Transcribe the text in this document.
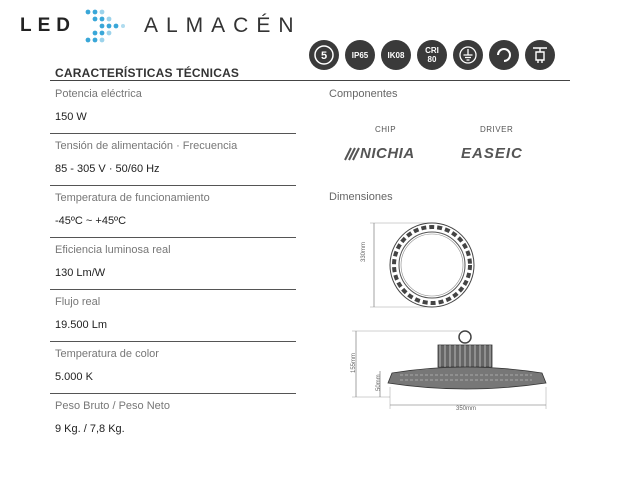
LED	ALMACÉN
5	IP65	IK08	CRI
80
CARACTERÍSTICAS TÉCNICAS
Potencia eléctrica
150 W
Tensión de alimentación · Frecuencia
85 - 305 V · 50/60 Hz
Temperatura de funcionamiento
-45ºC ~ +45ºC
Eficiencia luminosa real
130 Lm/W
Flujo real
19.500 Lm
Temperatura de color
5.000 K
Peso Bruto / Peso Neto
9 Kg. / 7,8 Kg.
Componentes
CHIP	DRIVER
NICHIA	EASEIC
Dimensiones
330mm
155mm
50mm
350mm
